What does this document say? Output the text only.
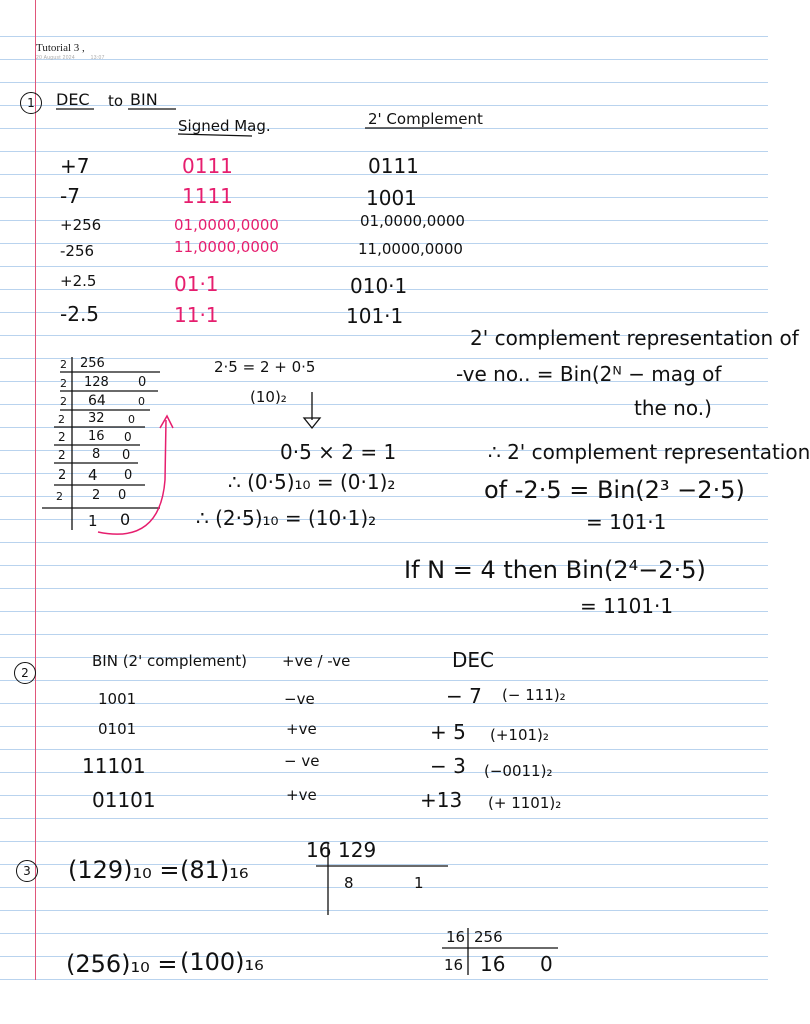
Tutorial 3 ,
20 August 2024	13:07
1	DEC to BIN
Signed Mag.	2' Complement
+7	0111	0111
-7	1111	1001
+256	01,0000,0000	01,0000,0000
-256	11,0000,0000	11,0000,0000
+2.5	01·1	010·1
-2.5	11·1	101·1
2 256
2 128 0
2 64	0
2 32 0
2 16 0
2 8 0
2 4 0
2 2 0
1 0
2·5 = 2 + 0·5
(10)₂
0·5 × 2 = 1
∴ (0·5)₁₀ = (0·1)₂
∴ (2·5)₁₀ = (10·1)₂
2' complement representation of
-ve no.. = Bin(2ᴺ − mag of
the no.)
∴ 2' complement representation
of -2·5 = Bin(2³ −2·5)
= 101·1
If N = 4 then Bin(2⁴−2·5)
= 1101·1
2
BIN (2' complement) +ve / -ve	DEC
1001	−ve	− 7 (− 111)₂
0101	+ve	+ 5 (+101)₂
11101	− ve	− 3 (−0011)₂
01101	+ve	+13 (+ 1101)₂
3 (129)₁₀ = (81)₁₆
16 129
8	1
(256)₁₀ = (100)₁₆
16 256
16 16 0
